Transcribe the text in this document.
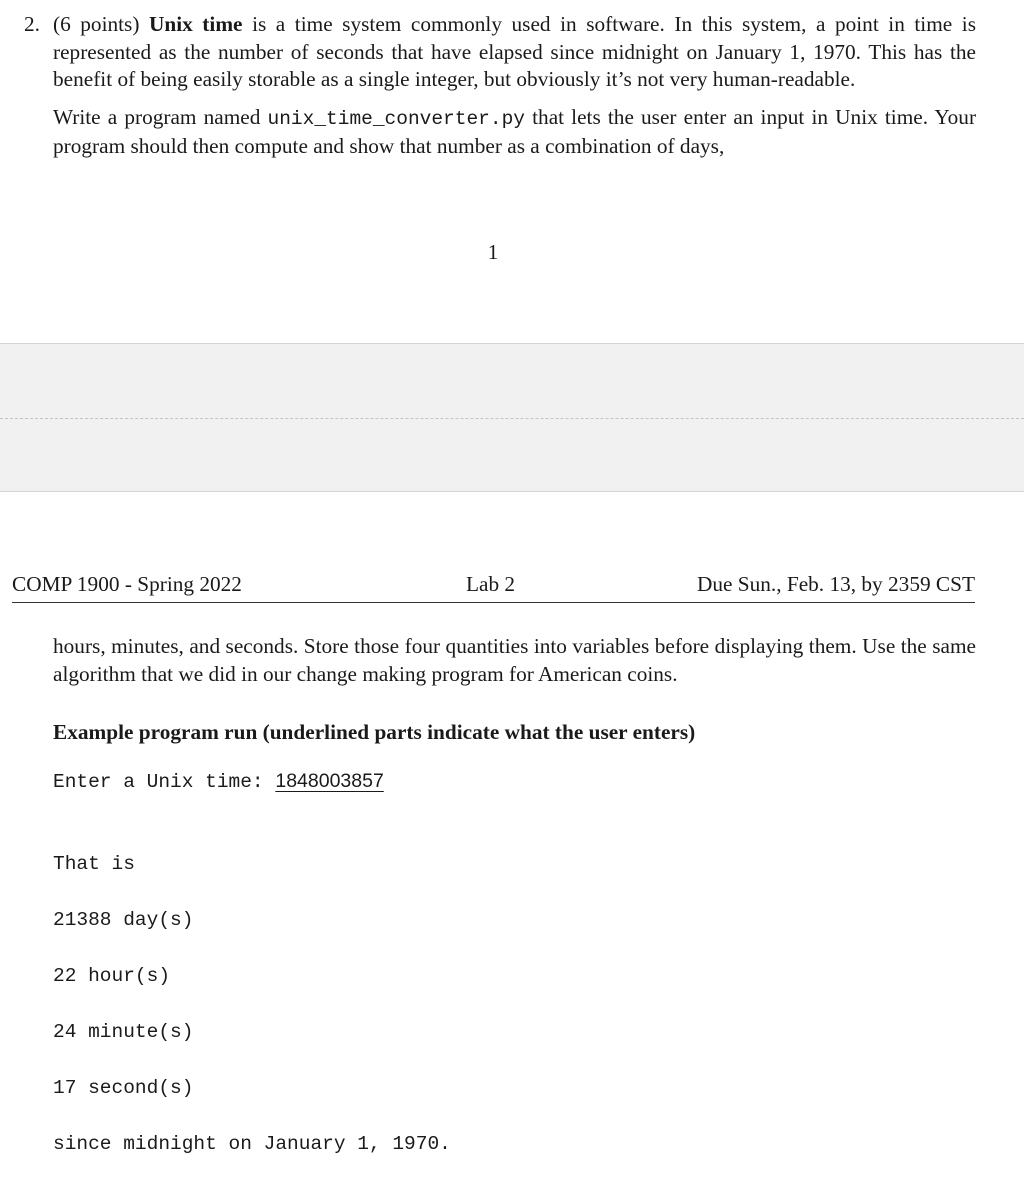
2. (6 points) Unix time is a time system commonly used in software. In this system, a point in time is represented as the number of seconds that have elapsed since midnight on January 1, 1970. This has the benefit of being easily storable as a single integer, but obviously it’s not very human-readable.

Write a program named unix_time_converter.py that lets the user enter an input in Unix time. Your program should then compute and show that number as a combination of days,

1
COMP 1900 - Spring 2022	Lab 2	Due Sun., Feb. 13, by 2359 CST
hours, minutes, and seconds. Store those four quantities into variables before displaying them. Use the same algorithm that we did in our change making program for American coins.
Example program run (underlined parts indicate what the user enters)
Enter a Unix time: 1848003857

That is

21388 day(s)

22 hour(s)

24 minute(s)

17 second(s)

since midnight on January 1, 1970.
